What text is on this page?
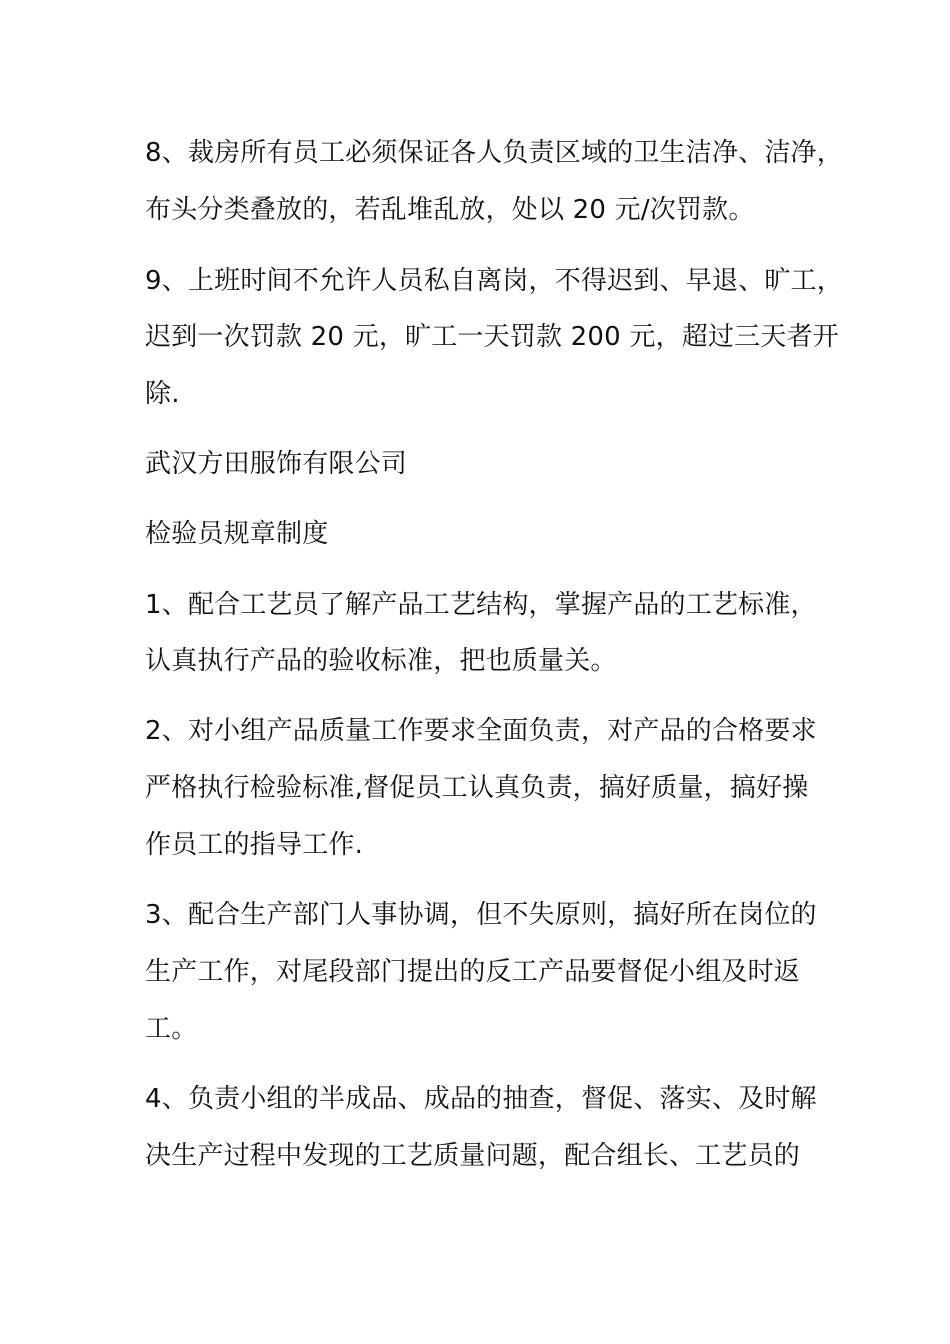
8、裁房所有员工必须保证各人负责区域的卫生洁净、洁净，
布头分类叠放的，若乱堆乱放，处以 20 元/次罚款。
9、上班时间不允许人员私自离岗，不得迟到、早退、旷工，
迟到一次罚款 20 元，旷工一天罚款 200 元，超过三天者开
除.
武汉方田服饰有限公司
检验员规章制度
1、配合工艺员了解产品工艺结构，掌握产品的工艺标准，
认真执行产品的验收标准，把也质量关。
2、对小组产品质量工作要求全面负责，对产品的合格要求
严格执行检验标准,督促员工认真负责，搞好质量，搞好操
作员工的指导工作.
3、配合生产部门人事协调，但不失原则，搞好所在岗位的
生产工作，对尾段部门提出的反工产品要督促小组及时返
工。
4、负责小组的半成品、成品的抽查，督促、落实、及时解
决生产过程中发现的工艺质量问题，配合组长、工艺员的
